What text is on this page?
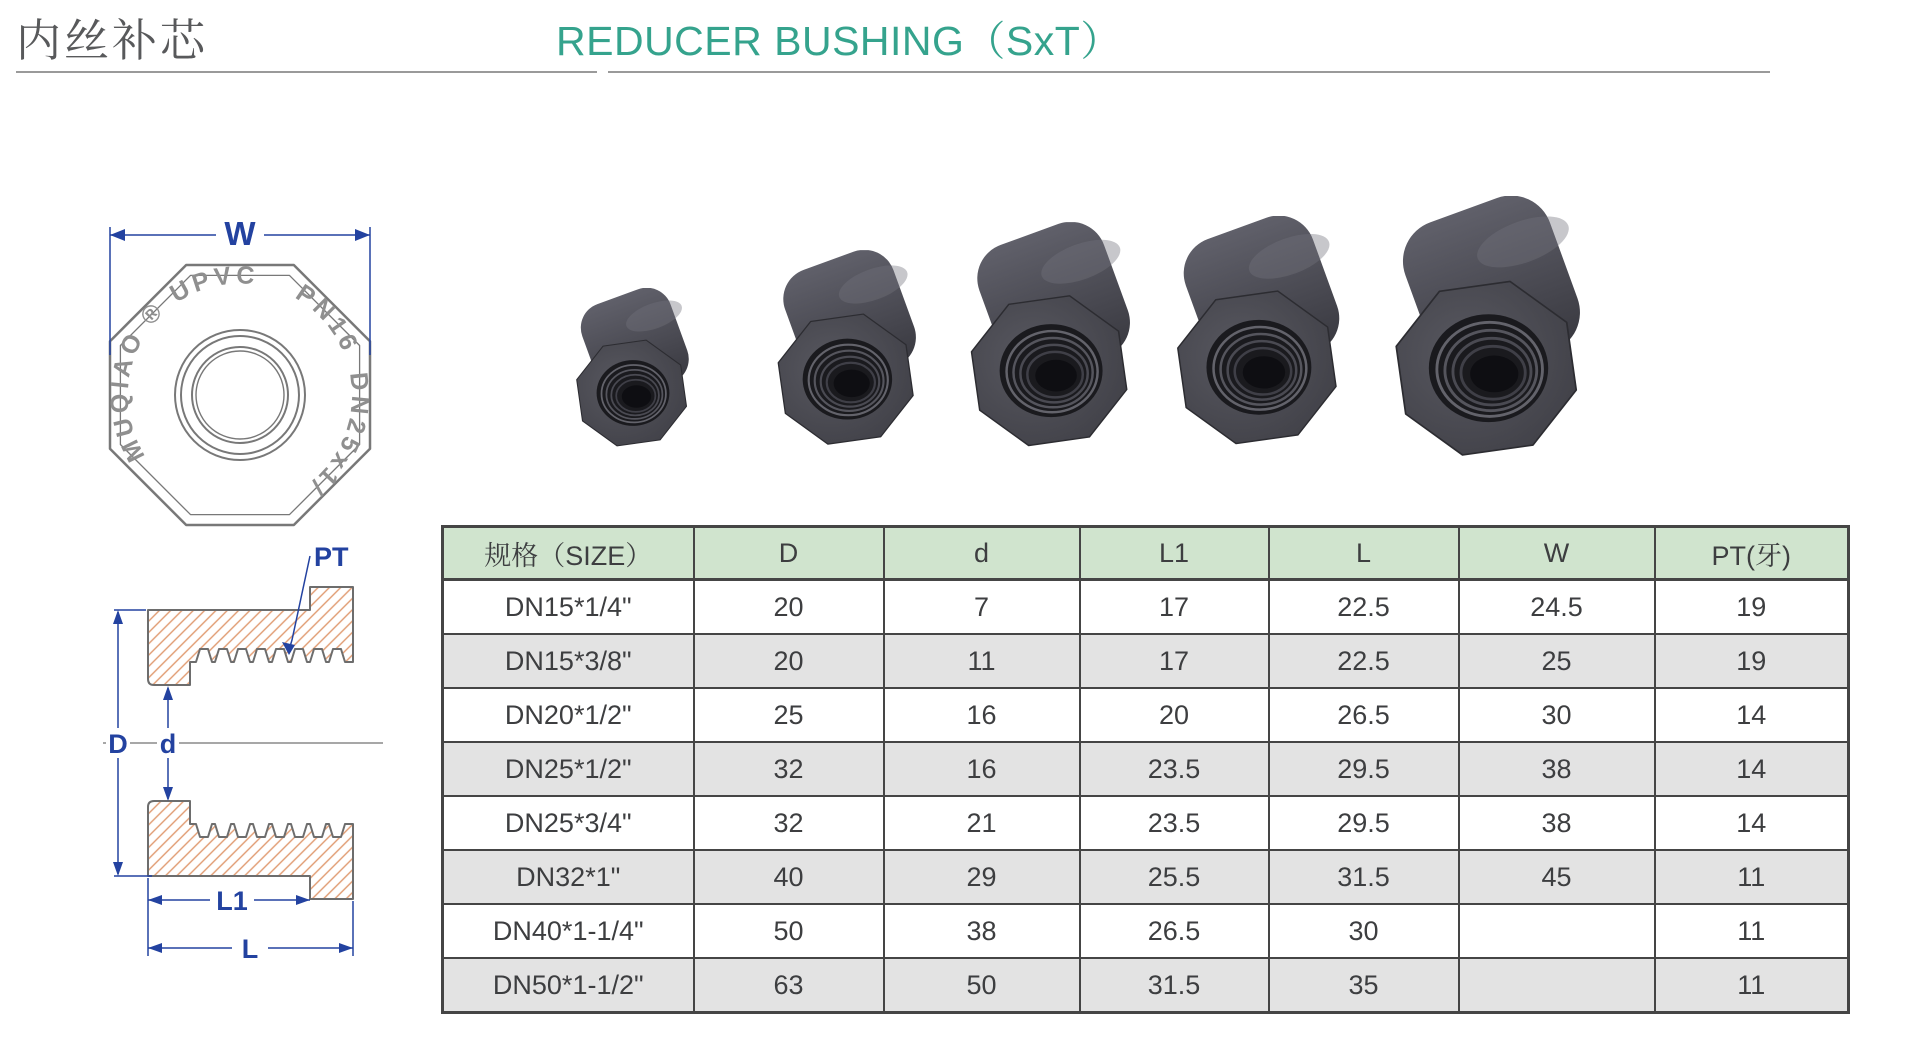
内丝补芯	REDUCER BUSHING（SxT）
MUQIAO ® UPVC PN16 DN25x1/2"
W
D d
PT
L1
L
规格（SIZE）	D	d	L1	L	W	PT(牙)
DN15*1/4"	20	7	17	22.5	24.5	19
DN15*3/8"	20	11	17	22.5	25	19
DN20*1/2"	25	16	20	26.5	30	14
DN25*1/2"	32	16	23.5	29.5	38	14
DN25*3/4"	32	21	23.5	29.5	38	14
DN32*1"	40	29	25.5	31.5	45	11
DN40*1-1/4"	50	38	26.5	30		11
DN50*1-1/2"	63	50	31.5	35		11
